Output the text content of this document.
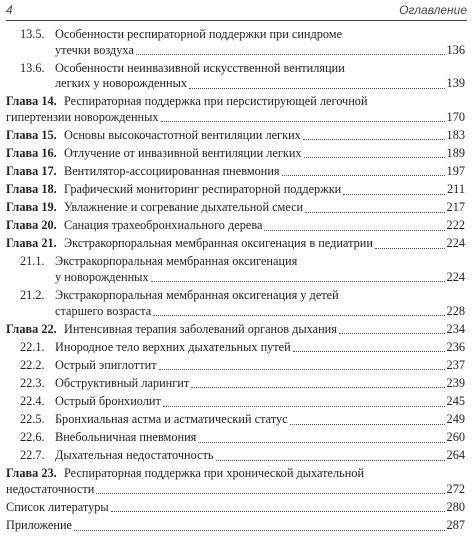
4	Оглавление
13.5. Особенности респираторной поддержки при синдроме
утечки воздуха	136
13.6. Особенности неинвазивной искусственной вентиляции
легких у новорожденных	139
Глава 14. Респираторная поддержка при персистирующей легочной
гипертензии новорожденных	170
Глава 15. Основы высокочастотной вентиляции легких	183
Глава 16. Отлучение от инвазивной вентиляции легких	189
Глава 17. Вентилятор-ассоциированная пневмония	197
Глава 18. Графический мониторинг респираторной поддержки	211
Глава 19. Увлажнение и согревание дыхательной смеси	217
Глава 20. Санация трахеобронхиального дерева	222
Глава 21. Экстракорпоральная мембранная оксигенация в педиатрии	224
21.1. Экстракорпоральная мембранная оксигенация
у новорожденных	224
21.2. Экстракорпоральная мембранная оксигенация у детей
старшего возраста	228
Глава 22. Интенсивная терапия заболеваний органов дыхания	234
22.1. Инородное тело верхних дыхательных путей	236
22.2. Острый эпиглоттит	237
22.3. Обструктивный ларингит	239
22.4. Острый бронхиолит	245
22.5. Бронхиальная астма и астматический статус	249
22.6. Внебольничная пневмония	260
22.7. Дыхательная недостаточность	264
Глава 23. Респираторная поддержка при хронической дыхательной
недостаточности	272
Список литературы	280
Приложение	287
